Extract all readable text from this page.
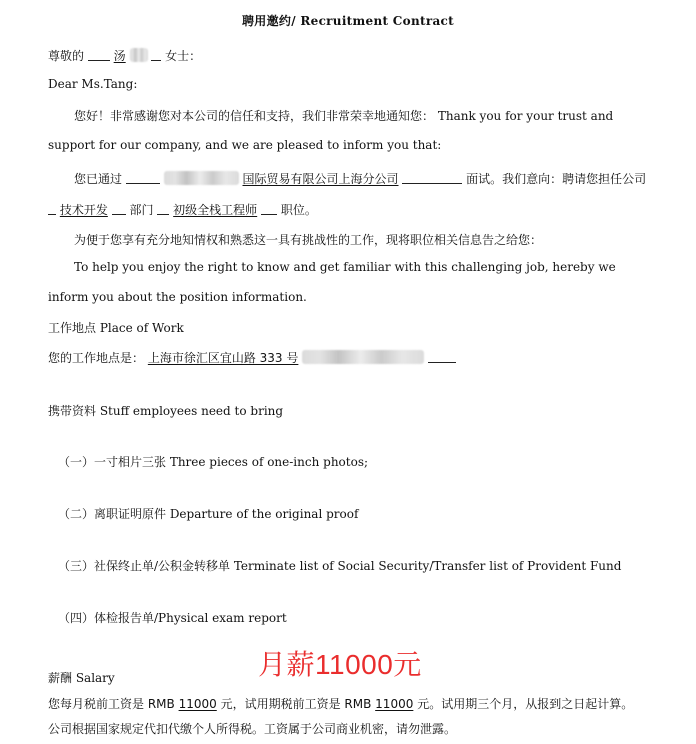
聘用邀约/ Recruitment Contract
尊敬的 汤	女士：
Dear Ms.Tang:
您好！非常感谢您对本公司的信任和支持，我们非常荣幸地通知您： Thank you for your trust and
support for our company, and we are pleased to inform you that:
您已通过	国际贸易有限公司上海分公司	面试。我们意向：聘请您担任公司
技术开发 部门 初级全栈工程师 职位。
为便于您享有充分地知情权和熟悉这一具有挑战性的工作，现将职位相关信息告之给您：
To help you enjoy the right to know and get familiar with this challenging job, hereby we
inform you about the position information.
工作地点 Place of Work
您的工作地点是： 上海市徐汇区宜山路 333 号
携带资料 Stuff employees need to bring
（一）一寸相片三张 Three pieces of one-inch photos;
（二）离职证明原件 Departure of the original proof
（三）社保终止单/公积金转移单 Terminate list of Social Security/Transfer list of Provident Fund
（四）体检报告单/Physical exam report
薪酬 Salary	月薪11000元
您每月税前工资是 RMB 11000 元，试用期税前工资是 RMB 11000 元。试用期三个月，从报到之日起计算。
公司根据国家规定代扣代缴个人所得税。工资属于公司商业机密，请勿泄露。
